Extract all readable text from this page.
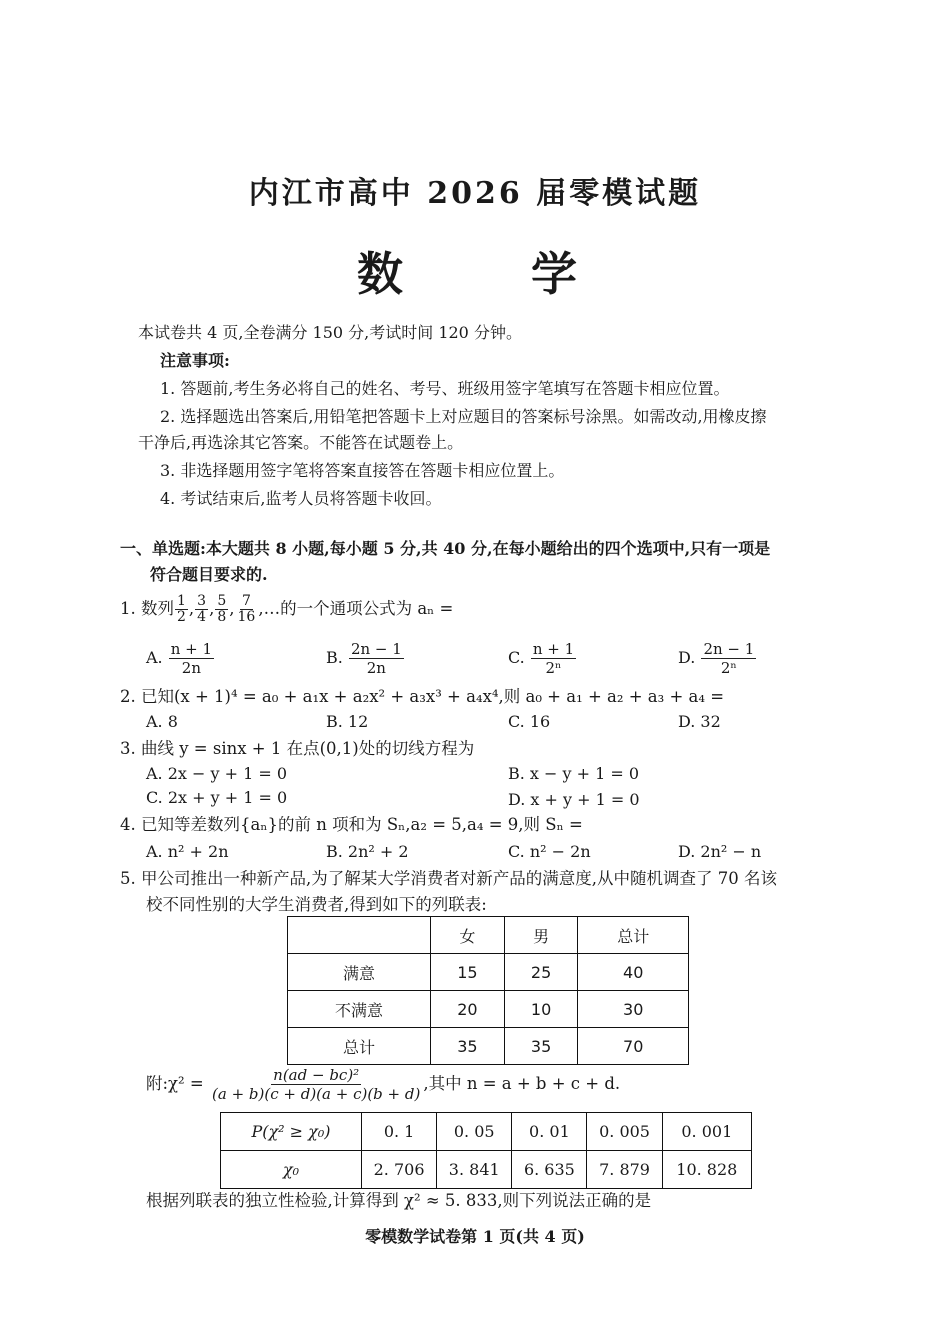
内江市高中 2026 届零模试题
数 学
本试卷共 4 页,全卷满分 150 分,考试时间 120 分钟。
注意事项:
1. 答题前,考生务必将自己的姓名、考号、班级用签字笔填写在答题卡相应位置。
2. 选择题选出答案后,用铅笔把答题卡上对应题目的答案标号涂黑。如需改动,用橡皮擦
干净后,再选涂其它答案。不能答在试题卷上。
3. 非选择题用签字笔将答案直接答在答题卡相应位置上。
4. 考试结束后,监考人员将答题卡收回。
一、单选题:本大题共 8 小题,每小题 5 分,共 40 分,在每小题给出的四个选项中,只有一项是
符合题目要求的.
1. 数列 $\frac{1}{2}$ , $\frac{3}{4}$ , $\frac{5}{8}$ , $\frac{7}{16}$ ,…的一个通项公式为 aₙ =
A. $\frac{n + 1}{2n}$	B. $\frac{2n - 1}{2n}$	C. $\frac{n + 1}{\text{2ⁿ}}$	D. $\frac{2n - 1}{\text{2ⁿ}}$
2. 已知(x + 1)⁴ = a₀ + a₁x + a₂x² + a₃x³ + a₄x⁴,则 a₀ + a₁ + a₂ + a₃ + a₄ =
A. 8	B. 12	C. 16	D. 32
3. 曲线 y = sinx + 1 在点(0,1)处的切线方程为
A. 2x − y + 1 = 0	B. x − y + 1 = 0
C. 2x + y + 1 = 0	D. x + y + 1 = 0
4. 已知等差数列{aₙ}的前 n 项和为 Sₙ,a₂ = 5,a₄ = 9,则 Sₙ =
A. n² + 2n	B. 2n² + 2	C. n² − 2n	D. 2n² − n
5. 甲公司推出一种新产品,为了解某大学消费者对新产品的满意度,从中随机调查了 70 名该
校不同性别的大学生消费者,得到如下的列联表:
	女	男	总计
满意	15	25	40
不满意	20	10	30
总计	35	35	70
附:χ² = $\frac{\text{n(ad − bc)²}}{(a + b)(c + d)(a + c)(b + d)}$ ,其中 n = a + b + c + d.
P(χ² ≥ χ₀)	0. 1	0. 05	0. 01	0. 005	0. 001
χ₀	2. 706	3. 841	6. 635	7. 879	10. 828
根据列联表的独立性检验,计算得到 χ² ≈ 5. 833,则下列说法正确的是
零模数学试卷第 1 页(共 4 页)
